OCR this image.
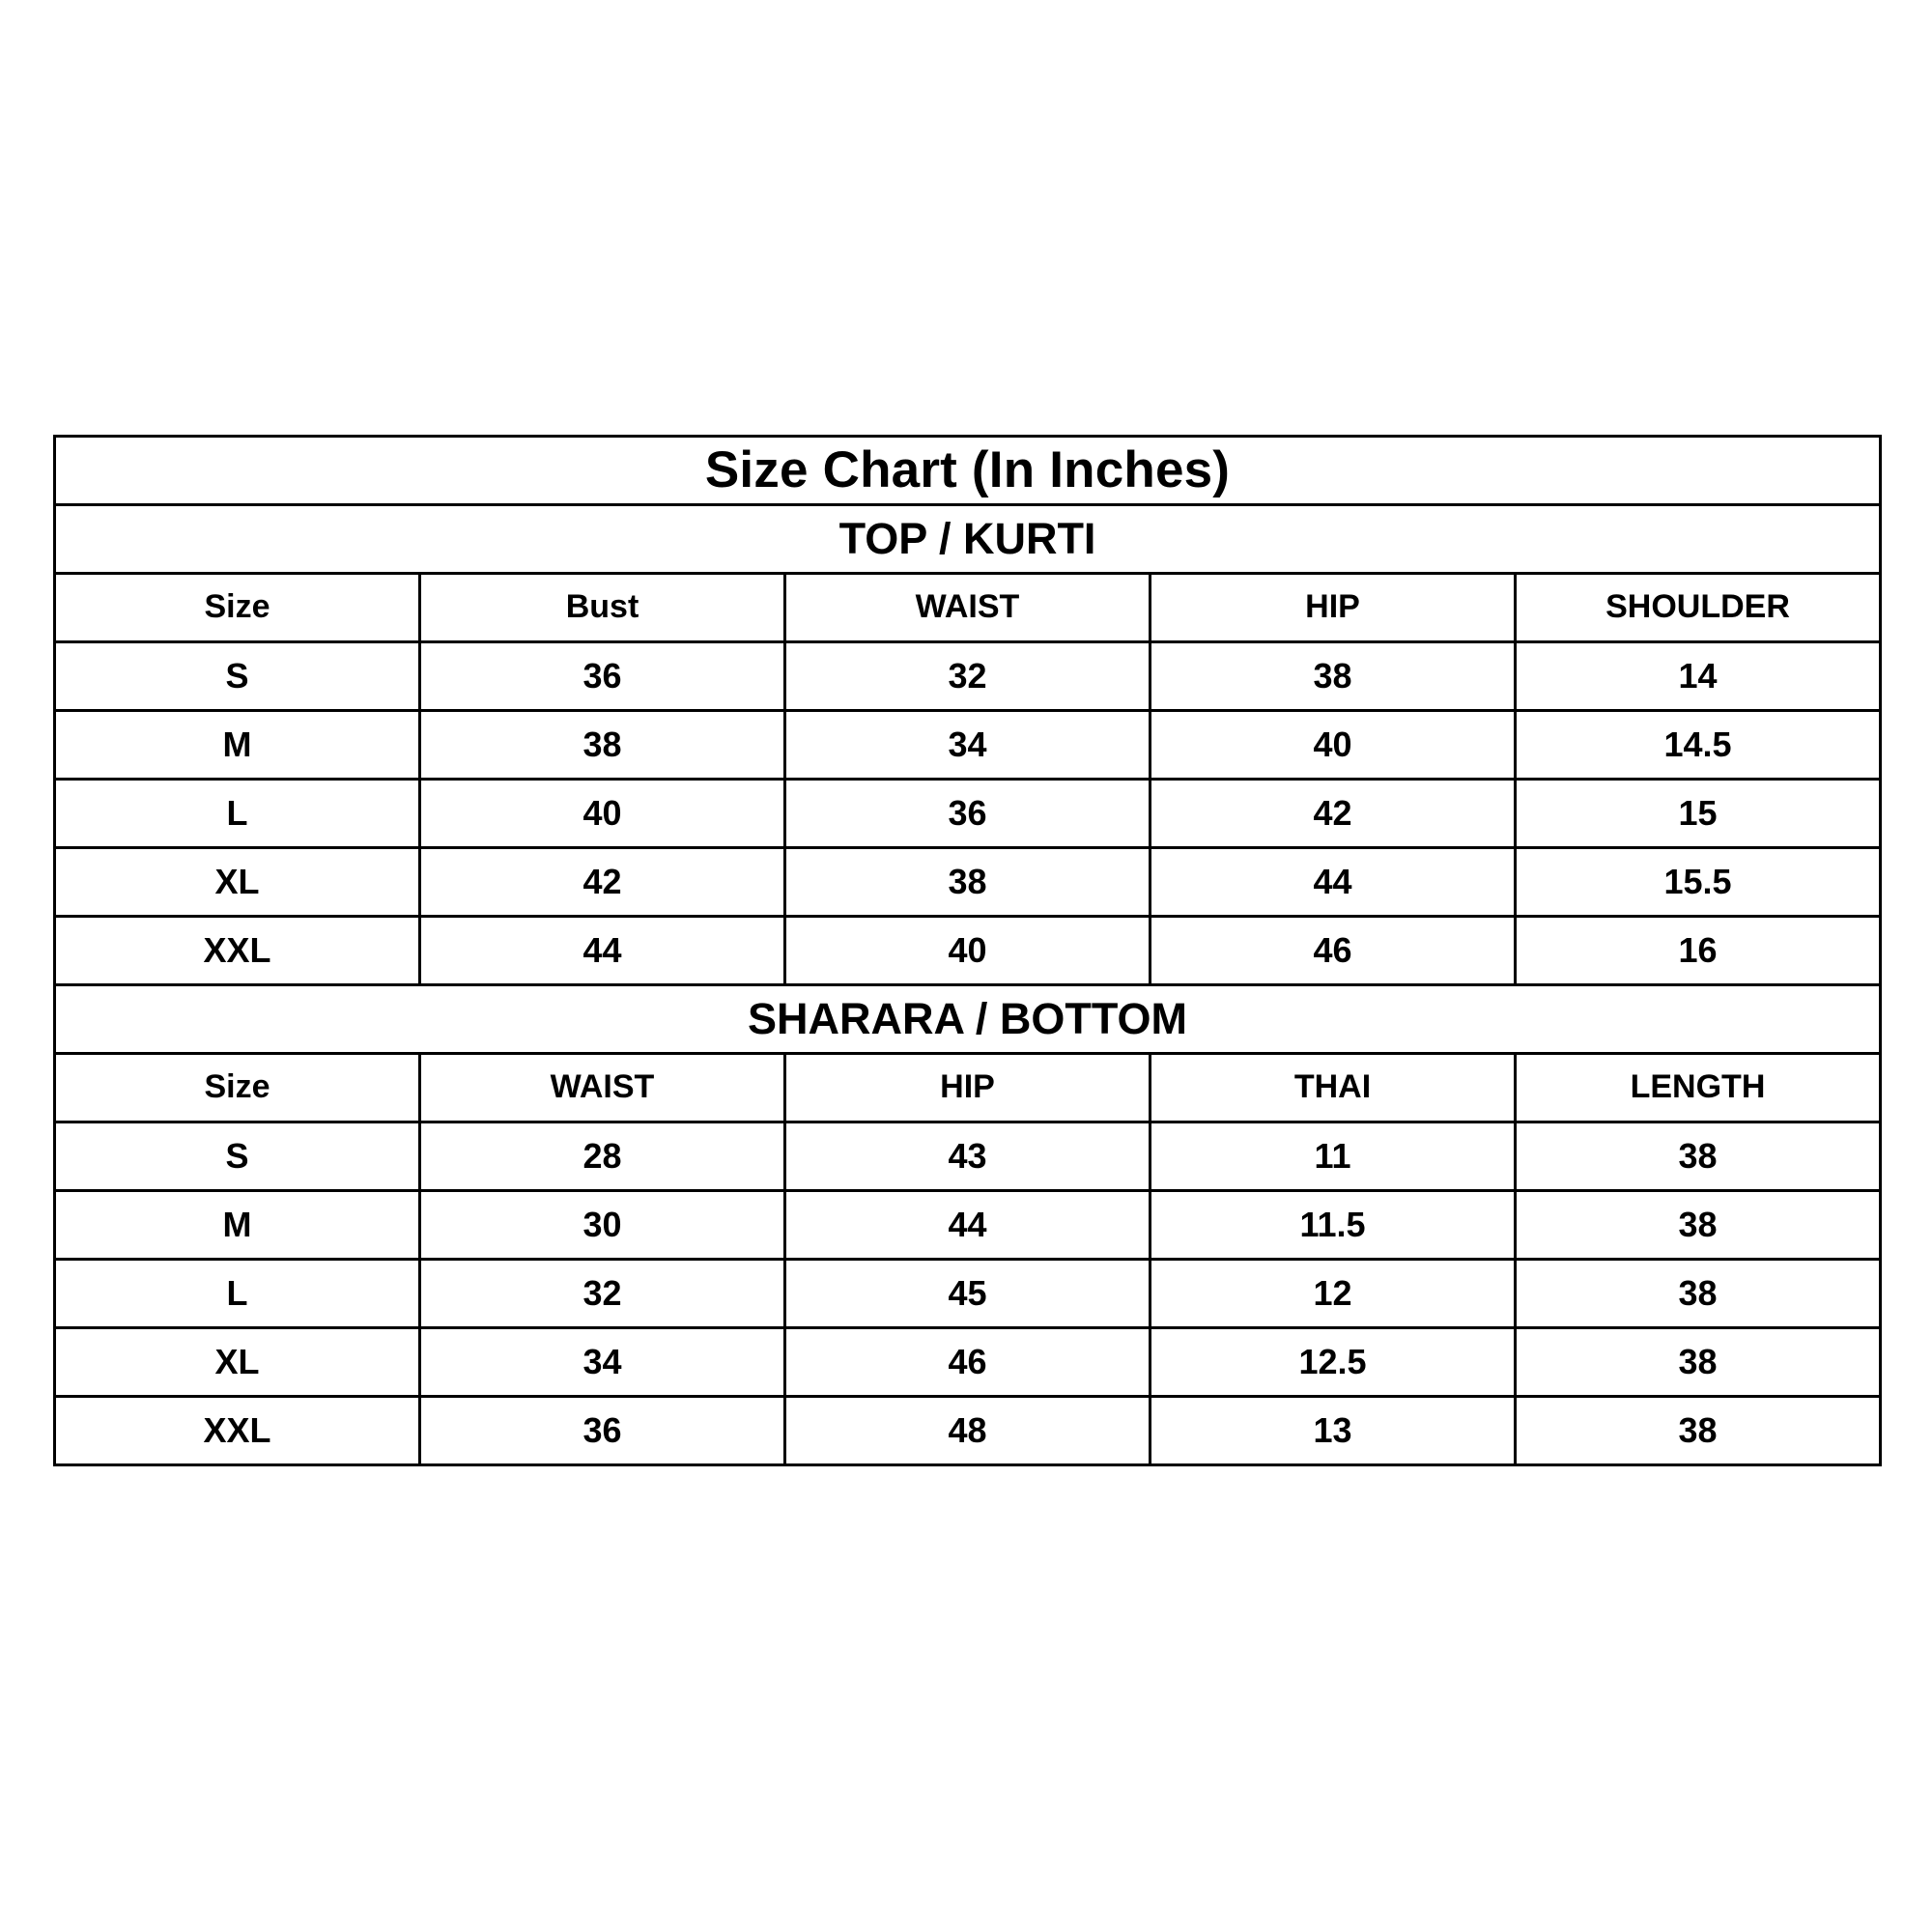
Size Chart (In Inches)				
TOP / KURTI				
Size	Bust	WAIST	HIP	SHOULDER
S	36	32	38	14
M	38	34	40	14.5
L	40	36	42	15
XL	42	38	44	15.5
XXL	44	40	46	16
SHARARA / BOTTOM				
Size	WAIST	HIP	THAI	LENGTH
S	28	43	11	38
M	30	44	11.5	38
L	32	45	12	38
XL	34	46	12.5	38
XXL	36	48	13	38
